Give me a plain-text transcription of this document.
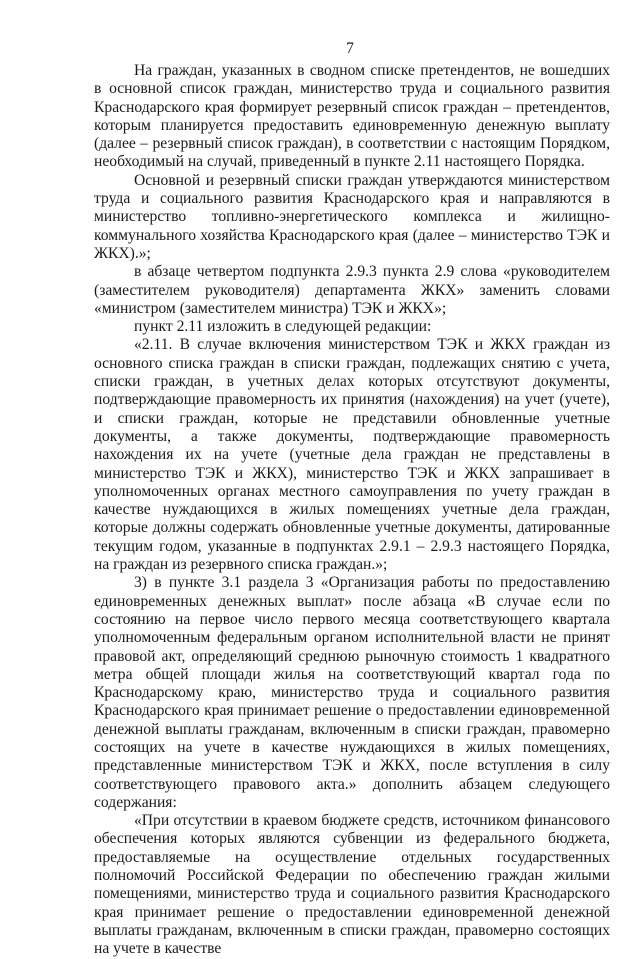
7

На граждан, указанных в сводном списке претендентов, не вошедших в основной список граждан, министерство труда и социального развития Краснодарского края формирует резервный список граждан – претендентов, которым планируется предоставить единовременную денежную выплату (далее – резервный список граждан), в соответствии с настоящим Порядком, необходимый на случай, приведенный в пункте 2.11 настоящего Порядка.

Основной и резервный списки граждан утверждаются министерством труда и социального развития Краснодарского края и направляются в министерство топливно-энергетического комплекса и жилищно-коммунального хозяйства Краснодарского края (далее – министерство ТЭК и ЖКХ).»;

в абзаце четвертом подпункта 2.9.3 пункта 2.9 слова «руководителем (заместителем руководителя) департамента ЖКХ» заменить словами «министром (заместителем министра) ТЭК и ЖКХ»;

пункт 2.11 изложить в следующей редакции:

«2.11. В случае включения министерством ТЭК и ЖКХ граждан из основного списка граждан в списки граждан, подлежащих снятию с учета, списки граждан, в учетных делах которых отсутствуют документы, подтверждающие правомерность их принятия (нахождения) на учет (учете), и списки граждан, которые не представили обновленные учетные документы, а также документы, подтверждающие правомерность нахождения их на учете (учетные дела граждан не представлены в министерство ТЭК и ЖКХ), министерство ТЭК и ЖКХ запрашивает в уполномоченных органах местного самоуправления по учету граждан в качестве нуждающихся в жилых помещениях учетные дела граждан, которые должны содержать обновленные учетные документы, датированные текущим годом, указанные в подпунктах 2.9.1 – 2.9.3 настоящего Порядка, на граждан из резервного списка граждан.»;

3) в пункте 3.1 раздела 3 «Организация работы по предоставлению единовременных денежных выплат» после абзаца «В случае если по состоянию на первое число первого месяца соответствующего квартала уполномоченным федеральным органом исполнительной власти не принят правовой акт, определяющий среднюю рыночную стоимость 1 квадратного метра общей площади жилья на соответствующий квартал года по Краснодарскому краю, министерство труда и социального развития Краснодарского края принимает решение о предоставлении единовременной денежной выплаты гражданам, включенным в списки граждан, правомерно состоящих на учете в качестве нуждающихся в жилых помещениях, представленные министерством ТЭК и ЖКХ, после вступления в силу соответствующего правового акта.» дополнить абзацем следующего содержания:

«При отсутствии в краевом бюджете средств, источником финансового обеспечения которых являются субвенции из федерального бюджета, предоставляемые на осуществление отдельных государственных полномочий Российской Федерации по обеспечению граждан жилыми помещениями, министерство труда и социального развития Краснодарского края принимает решение о предоставлении единовременной денежной выплаты гражданам, включенным в списки граждан, правомерно состоящих на учете в качестве
